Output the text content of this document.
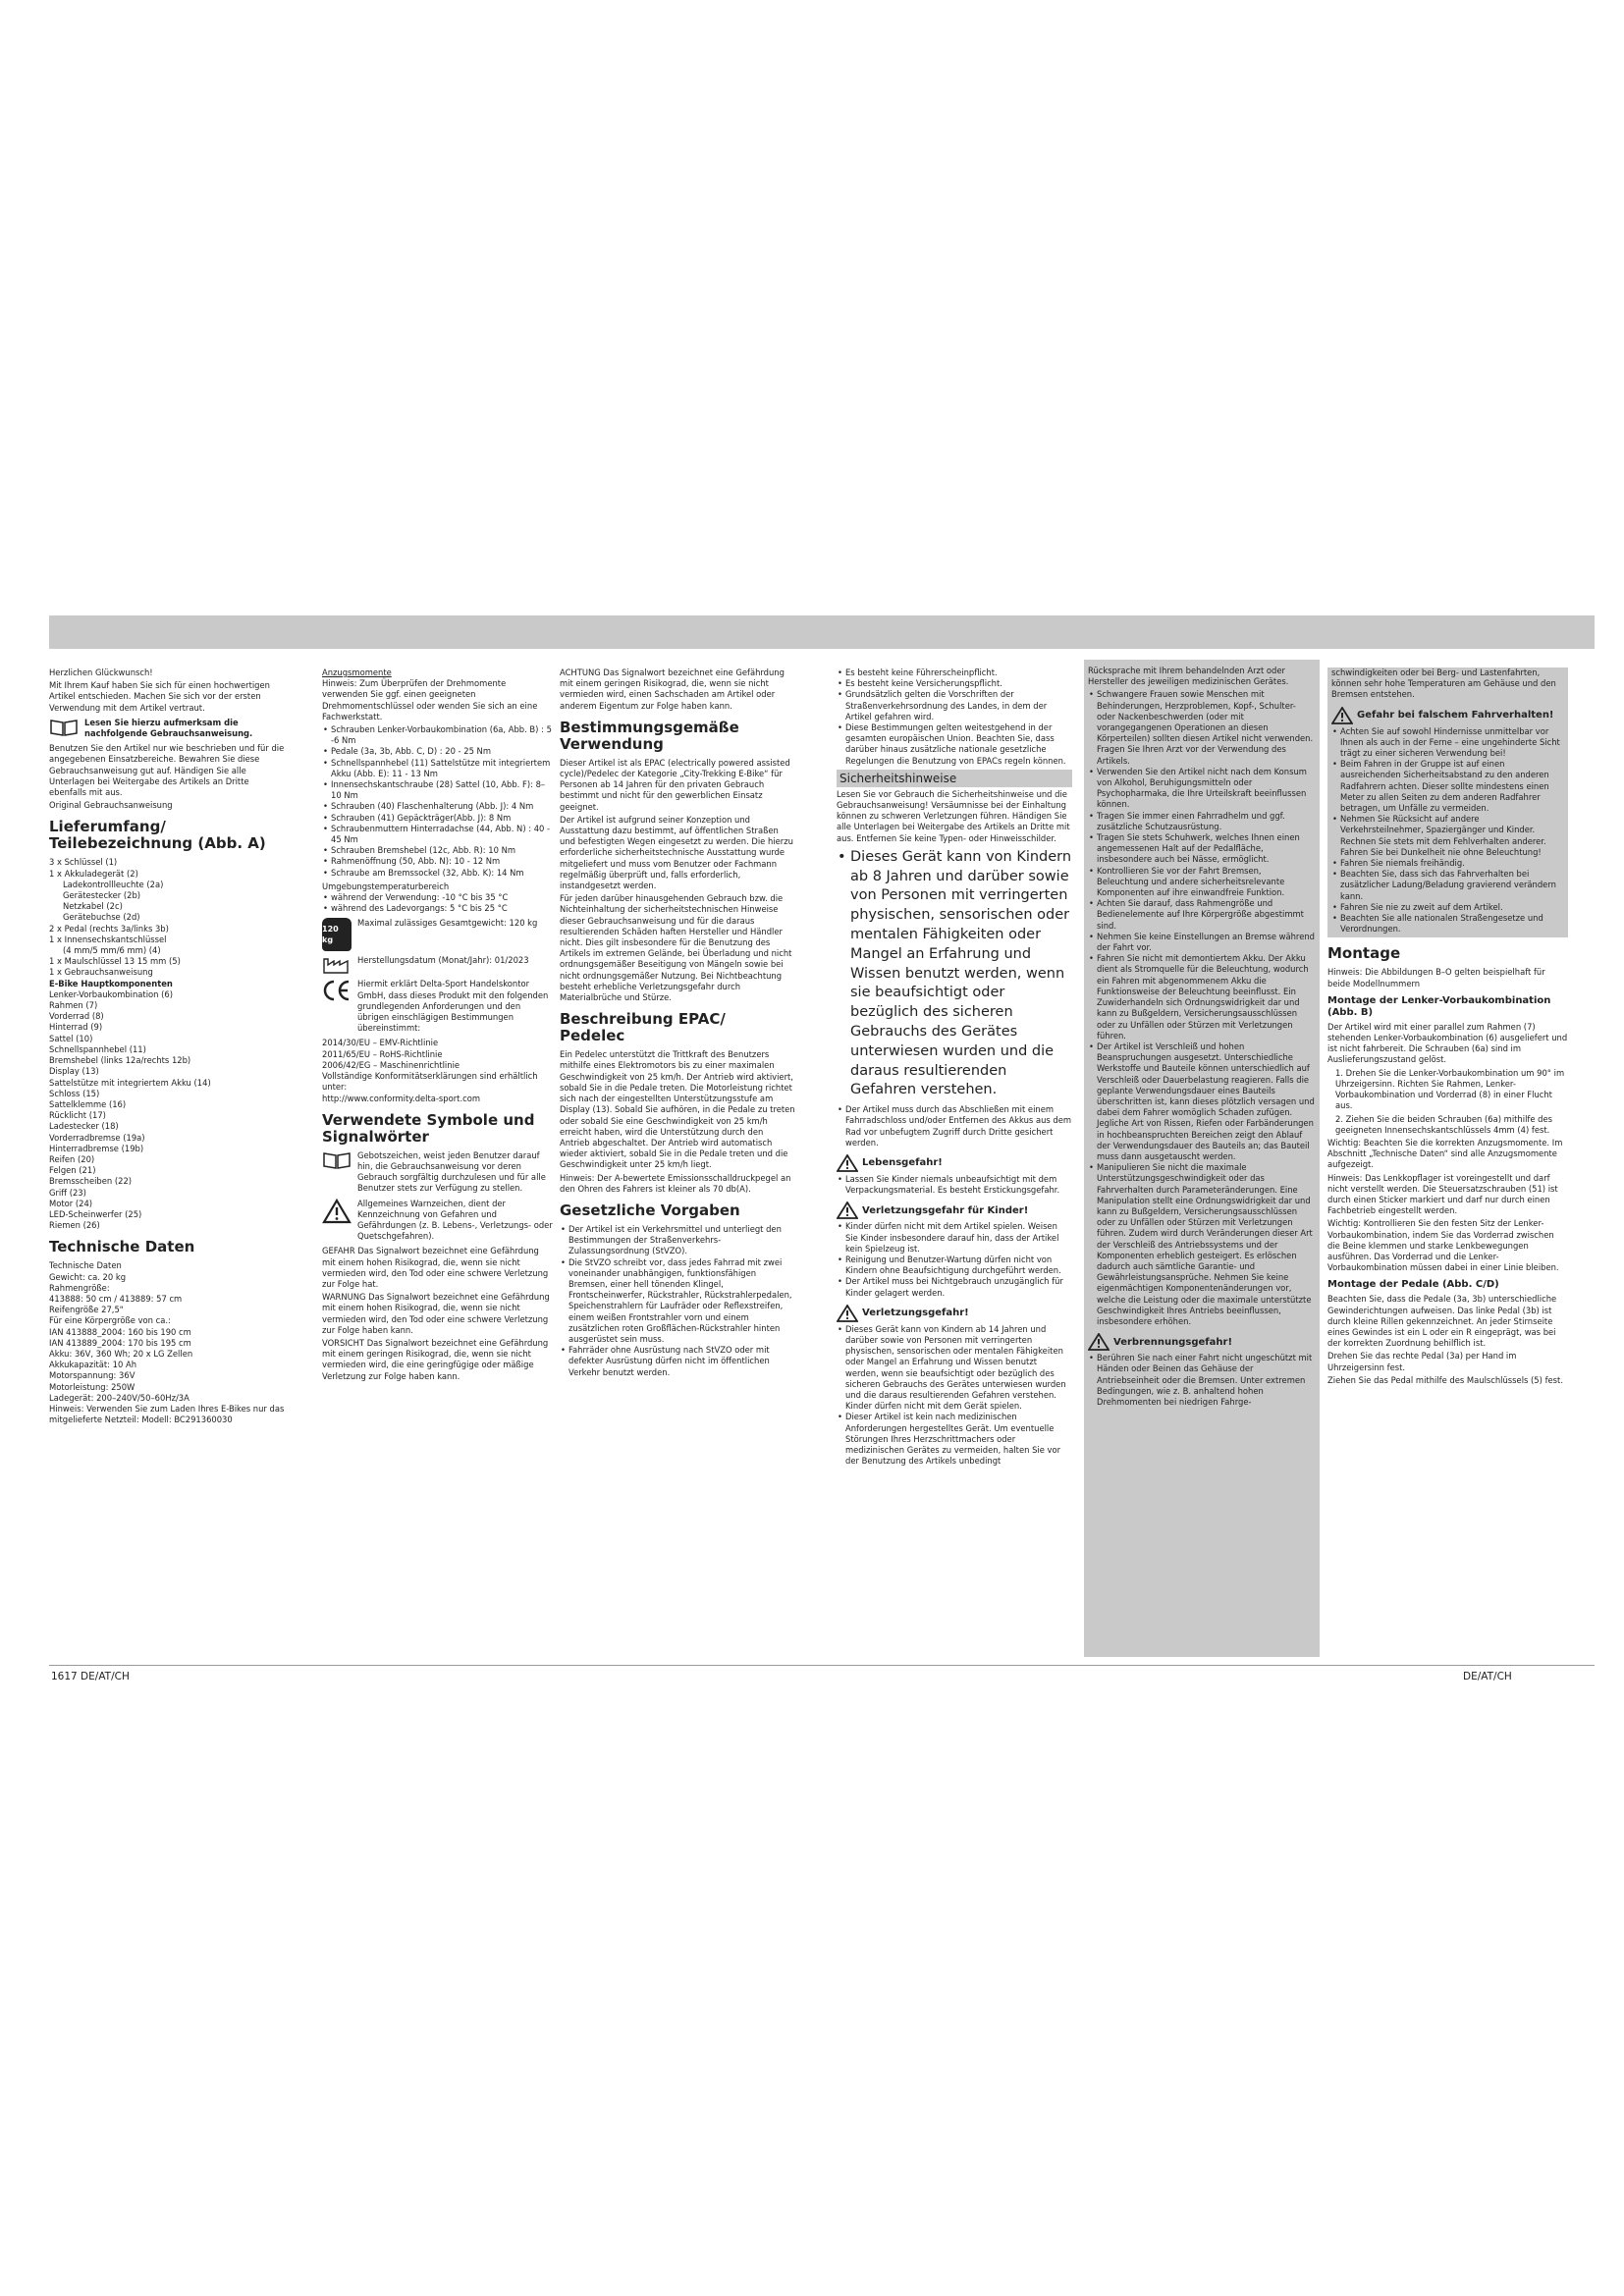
Herzlichen Glückwunsch!

Mit Ihrem Kauf haben Sie sich für einen hochwertigen Artikel entschieden. Machen Sie sich vor der ersten Verwendung mit dem Artikel vertraut.

Lesen Sie hierzu aufmerksam die nachfolgende Gebrauchsanweisung.

Benutzen Sie den Artikel nur wie beschrieben und für die angegebenen Einsatzbereiche. Bewahren Sie diese Gebrauchsanweisung gut auf. Händigen Sie alle Unterlagen bei Weitergabe des Artikels an Dritte ebenfalls mit aus.

Original Gebrauchsanweisung

Lieferumfang/ Teilebezeichnung (Abb. A)

3 x Schlüssel (1)

1 x Akkuladegerät (2)

Ladekontrollleuchte (2a)

Gerätestecker (2b)

Netzkabel (2c)

Gerätebuchse (2d)

2 x Pedal (rechts 3a/links 3b)

1 x Innensechskantschlüssel

(4 mm/5 mm/6 mm) (4)

1 x Maulschlüssel 13 15 mm (5)

1 x Gebrauchsanweisung

E-Bike Hauptkomponenten

Lenker-Vorbaukombination (6)

Rahmen (7)

Vorderrad (8)

Hinterrad (9)

Sattel (10)

Schnellspannhebel (11)

Bremshebel (links 12a/rechts 12b)

Display (13)

Sattelstütze mit integriertem Akku (14)

Schloss (15)

Sattelklemme (16)

Rücklicht (17)

Ladestecker (18)

Vorderradbremse (19a)

Hinterradbremse (19b)

Reifen (20)

Felgen (21)

Bremsscheiben (22)

Griff (23)

Motor (24)

LED-Scheinwerfer (25)

Riemen (26)

Technische Daten

Technische Daten

Gewicht: ca. 20 kg

Rahmengröße:

413888: 50 cm / 413889: 57 cm

Reifengröße 27,5"

Für eine Körpergröße von ca.:

IAN 413888_2004: 160 bis 190 cm

IAN 413889_2004: 170 bis 195 cm

Akku: 36V, 360 Wh; 20 x LG Zellen

Akkukapazität: 10 Ah

Motorspannung: 36V

Motorleistung: 250W

Ladegerät: 200–240V/50–60Hz/3A

Hinweis: Verwenden Sie zum Laden Ihres E-Bikes nur das mitgelieferte Netzteil: Modell: BC291360030

Anzugsmomente

Hinweis: Zum Überprüfen der Drehmomente verwenden Sie ggf. einen geeigneten Drehmomentschlüssel oder wenden Sie sich an eine Fachwerkstatt.

• Schrauben Lenker-Vorbaukombination (6a, Abb. B) : 5 -6 Nm
• Pedale (3a, 3b, Abb. C, D) : 20 - 25 Nm
• Schnellspannhebel (11) Sattelstütze mit integriertem Akku (Abb. E): 11 - 13 Nm
• Innensechskantschraube (28) Sattel (10, Abb. F): 8–10 Nm
• Schrauben (40) Flaschenhalterung (Abb. J): 4 Nm
• Schrauben (41) Gepäckträger(Abb. J): 8 Nm
• Schraubenmuttern Hinterradachse (44, Abb. N) : 40 - 45 Nm
• Schrauben Bremshebel (12c, Abb. R): 10 Nm
• Rahmenöffnung (50, Abb. N): 10 - 12 Nm
• Schraube am Bremssockel (32, Abb. K): 14 Nm

Umgebungstemperaturbereich

• während der Verwendung: -10 °C bis 35 °C
• während des Ladevorgangs: 5 °C bis 25 °C
120 kg
Maximal zulässiges Gesamtgewicht: 120 kg
Herstellungsdatum (Monat/Jahr): 01/2023
Hiermit erklärt Delta-Sport Handelskontor GmbH, dass dieses Produkt mit den folgenden grundlegenden Anforderungen und den übrigen einschlägigen Bestimmungen übereinstimmt:

2014/30/EU – EMV-Richtlinie

2011/65/EU – RoHS-Richtlinie

2006/42/EG – Maschinenrichtlinie

Vollständige Konformitätserklärungen sind erhältlich unter:

http://www.conformity.delta-sport.com

Verwendete Symbole und Signalwörter
Gebotszeichen, weist jeden Benutzer darauf hin, die Gebrauchsanweisung vor deren Gebrauch sorgfältig durchzulesen und für alle Benutzer stets zur Verfügung zu stellen.
Allgemeines Warnzeichen, dient der Kennzeichnung von Gefahren und Gefährdungen (z. B. Lebens-, Verletzungs- oder Quetschgefahren).

GEFAHR Das Signalwort bezeichnet eine Gefährdung mit einem hohen Risikograd, die, wenn sie nicht vermieden wird, den Tod oder eine schwere Verletzung zur Folge hat.

WARNUNG Das Signalwort bezeichnet eine Gefährdung mit einem hohen Risikograd, die, wenn sie nicht vermieden wird, den Tod oder eine schwere Verletzung zur Folge haben kann.

VORSICHT Das Signalwort bezeichnet eine Gefährdung mit einem geringen Risikograd, die, wenn sie nicht vermieden wird, die eine geringfügige oder mäßige Verletzung zur Folge haben kann.

ACHTUNG Das Signalwort bezeichnet eine Gefährdung mit einem geringen Risikograd, die, wenn sie nicht vermieden wird, einen Sachschaden am Artikel oder anderem Eigentum zur Folge haben kann.

Bestimmungsgemäße Verwendung

Dieser Artikel ist als EPAC (electrically powered assisted cycle)/Pedelec der Kategorie „City-Trekking E-Bike“ für Personen ab 14 Jahren für den privaten Gebrauch bestimmt und nicht für den gewerblichen Einsatz geeignet.

Der Artikel ist aufgrund seiner Konzeption und Ausstattung dazu bestimmt, auf öffentlichen Straßen und befestigten Wegen eingesetzt zu werden. Die hierzu erforderliche sicherheitstechnische Ausstattung wurde mitgeliefert und muss vom Benutzer oder Fachmann regelmäßig überprüft und, falls erforderlich, instandgesetzt werden.

Für jeden darüber hinausgehenden Gebrauch bzw. die Nichteinhaltung der sicherheitstechnischen Hinweise dieser Gebrauchsanweisung und für die daraus resultierenden Schäden haften Hersteller und Händler nicht. Dies gilt insbesondere für die Benutzung des Artikels im extremen Gelände, bei Überladung und nicht ordnungsgemäßer Beseitigung von Mängeln sowie bei nicht ordnungsgemäßer Nutzung. Bei Nichtbeachtung besteht erhebliche Verletzungsgefahr durch Materialbrüche und Stürze.

Beschreibung EPAC/ Pedelec

Ein Pedelec unterstützt die Trittkraft des Benutzers mithilfe eines Elektromotors bis zu einer maximalen Geschwindigkeit von 25 km/h. Der Antrieb wird aktiviert, sobald Sie in die Pedale treten. Die Motorleistung richtet sich nach der eingestellten Unterstützungsstufe am Display (13). Sobald Sie aufhören, in die Pedale zu treten oder sobald Sie eine Geschwindigkeit von 25 km/h erreicht haben, wird die Unterstützung durch den Antrieb abgeschaltet. Der Antrieb wird automatisch wieder aktiviert, sobald Sie in die Pedale treten und die Geschwindigkeit unter 25 km/h liegt.

Hinweis: Der A-bewertete Emissionsschalldruckpegel an den Ohren des Fahrers ist kleiner als 70 db(A).

Gesetzliche Vorgaben
• Der Artikel ist ein Verkehrsmittel und unterliegt den Bestimmungen der Straßenverkehrs-Zulassungsordnung (StVZO).
• Die StVZO schreibt vor, dass jedes Fahrrad mit zwei voneinander unabhängigen, funktionsfähigen Bremsen, einer hell tönenden Klingel, Frontscheinwerfer, Rückstrahler, Rückstrahlerpedalen, Speichenstrahlern für Laufräder oder Reflexstreifen, einem weißen Frontstrahler vorn und einem zusätzlichen roten Großflächen-Rückstrahler hinten ausgerüstet sein muss.
• Fahrräder ohne Ausrüstung nach StVZO oder mit defekter Ausrüstung dürfen nicht im öffentlichen Verkehr benutzt werden.
• Es besteht keine Führerscheinpflicht.
• Es besteht keine Versicherungspflicht.
• Grundsätzlich gelten die Vorschriften der Straßenverkehrsordnung des Landes, in dem der Artikel gefahren wird.
• Diese Bestimmungen gelten weitestgehend in der gesamten europäischen Union. Beachten Sie, dass darüber hinaus zusätzliche nationale gesetzliche Regelungen die Benutzung von EPACs regeln können.
Sicherheitshinweise

Lesen Sie vor Gebrauch die Sicherheitshinweise und die Gebrauchsanweisung! Versäumnisse bei der Einhaltung können zu schweren Verletzungen führen. Händigen Sie alle Unterlagen bei Weitergabe des Artikels an Dritte mit aus. Entfernen Sie keine Typen- oder Hinweisschilder.

• Dieses Gerät kann von Kindern ab 8 Jahren und darüber sowie von Personen mit verringerten physischen, sensorischen oder mentalen Fähigkeiten oder Mangel an Erfahrung und Wissen benutzt werden, wenn sie beaufsichtigt oder bezüglich des sicheren Gebrauchs des Gerätes unterwiesen wurden und die daraus resultierenden Gefahren verstehen.
• Der Artikel muss durch das Abschließen mit einem Fahrradschloss und/oder Entfernen des Akkus aus dem Rad vor unbefugtem Zugriff durch Dritte gesichert werden.
Lebensgefahr!
• Lassen Sie Kinder niemals unbeaufsichtigt mit dem Verpackungsmaterial. Es besteht Erstickungsgefahr.
Verletzungsgefahr für Kinder!
• Kinder dürfen nicht mit dem Artikel spielen. Weisen Sie Kinder insbesondere darauf hin, dass der Artikel kein Spielzeug ist.
• Reinigung und Benutzer-Wartung dürfen nicht von Kindern ohne Beaufsichtigung durchgeführt werden.
• Der Artikel muss bei Nichtgebrauch unzugänglich für Kinder gelagert werden.
Verletzungsgefahr!
• Dieses Gerät kann von Kindern ab 14 Jahren und darüber sowie von Personen mit verringerten physischen, sensorischen oder mentalen Fähigkeiten oder Mangel an Erfahrung und Wissen benutzt werden, wenn sie beaufsichtigt oder bezüglich des sicheren Gebrauchs des Gerätes unterwiesen wurden und die daraus resultierenden Gefahren verstehen. Kinder dürfen nicht mit dem Gerät spielen.
• Dieser Artikel ist kein nach medizinischen Anforderungen hergestelltes Gerät. Um eventuelle Störungen Ihres Herzschrittmachers oder medizinischen Gerätes zu vermeiden, halten Sie vor der Benutzung des Artikels unbedingt

Rücksprache mit Ihrem behandelnden Arzt oder Hersteller des jeweiligen medizinischen Gerätes.

• Schwangere Frauen sowie Menschen mit Behinderungen, Herzproblemen, Kopf-, Schulter- oder Nackenbeschwerden (oder mit vorangegangenen Operationen an diesen Körperteilen) sollten diesen Artikel nicht verwenden. Fragen Sie Ihren Arzt vor der Verwendung des Artikels.
• Verwenden Sie den Artikel nicht nach dem Konsum von Alkohol, Beruhigungsmitteln oder Psychopharmaka, die Ihre Urteilskraft beeinflussen können.
• Tragen Sie immer einen Fahrradhelm und ggf. zusätzliche Schutzausrüstung.
• Tragen Sie stets Schuhwerk, welches Ihnen einen angemessenen Halt auf der Pedalfläche, insbesondere auch bei Nässe, ermöglicht.
• Kontrollieren Sie vor der Fahrt Bremsen, Beleuchtung und andere sicherheitsrelevante Komponenten auf ihre einwandfreie Funktion.
• Achten Sie darauf, dass Rahmengröße und Bedienelemente auf Ihre Körpergröße abgestimmt sind.
• Nehmen Sie keine Einstellungen an Bremse während der Fahrt vor.
• Fahren Sie nicht mit demontiertem Akku. Der Akku dient als Stromquelle für die Beleuchtung, wodurch ein Fahren mit abgenommenem Akku die Funktionsweise der Beleuchtung beeinflusst. Ein Zuwiderhandeln sich Ordnungswidrigkeit dar und kann zu Bußgeldern, Versicherungsausschlüssen oder zu Unfällen oder Stürzen mit Verletzungen führen.
• Der Artikel ist Verschleiß und hohen Beanspruchungen ausgesetzt. Unterschiedliche Werkstoffe und Bauteile können unterschiedlich auf Verschleiß oder Dauerbelastung reagieren. Falls die geplante Verwendungsdauer eines Bauteils überschritten ist, kann dieses plötzlich versagen und dabei dem Fahrer womöglich Schaden zufügen. Jegliche Art von Rissen, Riefen oder Farbänderungen in hochbeanspruchten Bereichen zeigt den Ablauf der Verwendungsdauer des Bauteils an; das Bauteil muss dann ausgetauscht werden.
• Manipulieren Sie nicht die maximale Unterstützungsgeschwindigkeit oder das Fahrverhalten durch Parameteränderungen. Eine Manipulation stellt eine Ordnungswidrigkeit dar und kann zu Bußgeldern, Versicherungsausschlüssen oder zu Unfällen oder Stürzen mit Verletzungen führen. Zudem wird durch Veränderungen dieser Art der Verschleiß des Antriebssystems und der Komponenten erheblich gesteigert. Es erlöschen dadurch auch sämtliche Garantie- und Gewährleistungsansprüche. Nehmen Sie keine eigenmächtigen Komponentenänderungen vor, welche die Leistung oder die maximale unterstützte Geschwindigkeit Ihres Antriebs beeinflussen, insbesondere erhöhen.
Verbrennungsgefahr!
• Berühren Sie nach einer Fahrt nicht ungeschützt mit Händen oder Beinen das Gehäuse der Antriebseinheit oder die Bremsen. Unter extremen Bedingungen, wie z. B. anhaltend hohen Drehmomenten bei niedrigen Fahrge-

schwindigkeiten oder bei Berg- und Lastenfahrten, können sehr hohe Temperaturen am Gehäuse und den Bremsen entstehen.

Gefahr bei falschem Fahrverhalten!
• Achten Sie auf sowohl Hindernisse unmittelbar vor Ihnen als auch in der Ferne – eine ungehinderte Sicht trägt zu einer sicheren Verwendung bei!
• Beim Fahren in der Gruppe ist auf einen ausreichenden Sicherheitsabstand zu den anderen Radfahrern achten. Dieser sollte mindestens einen Meter zu allen Seiten zu dem anderen Radfahrer betragen, um Unfälle zu vermeiden.
• Nehmen Sie Rücksicht auf andere Verkehrsteilnehmer, Spaziergänger und Kinder. Rechnen Sie stets mit dem Fehlverhalten anderer. Fahren Sie bei Dunkelheit nie ohne Beleuchtung!
• Fahren Sie niemals freihändig.
• Beachten Sie, dass sich das Fahrverhalten bei zusätzlicher Ladung/Beladung gravierend verändern kann.
• Fahren Sie nie zu zweit auf dem Artikel.
• Beachten Sie alle nationalen Straßengesetze und Verordnungen.
Montage

Hinweis: Die Abbildungen B–O gelten beispielhaft für beide Modellnummern

Montage der Lenker-Vorbaukombination (Abb. B)

Der Artikel wird mit einer parallel zum Rahmen (7) stehenden Lenker-Vorbaukombination (6) ausgeliefert und ist nicht fahrbereit. Die Schrauben (6a) sind im Auslieferungszustand gelöst.

1. Drehen Sie die Lenker-Vorbaukombination um 90° im Uhrzeigersinn. Richten Sie Rahmen, Lenker-Vorbaukombination und Vorderrad (8) in einer Flucht aus.

2. Ziehen Sie die beiden Schrauben (6a) mithilfe des geeigneten Innensechskantschlüssels 4mm (4) fest.

Wichtig: Beachten Sie die korrekten Anzugsmomente. Im Abschnitt „Technische Daten“ sind alle Anzugsmomente aufgezeigt.

Hinweis: Das Lenkkopflager ist voreingestellt und darf nicht verstellt werden. Die Steuersatzschrauben (51) ist durch einen Sticker markiert und darf nur durch einen Fachbetrieb eingestellt werden.

Wichtig: Kontrollieren Sie den festen Sitz der Lenker-Vorbaukombination, indem Sie das Vorderrad zwischen die Beine klemmen und starke Lenkbewegungen ausführen. Das Vorderrad und die Lenker-Vorbaukombination müssen dabei in einer Linie bleiben.

Montage der Pedale (Abb. C/D)

Beachten Sie, dass die Pedale (3a, 3b) unterschiedliche Gewinderichtungen aufweisen. Das linke Pedal (3b) ist durch kleine Rillen gekennzeichnet. An jeder Stirnseite eines Gewindes ist ein L oder ein R eingeprägt, was bei der korrekten Zuordnung behilflich ist.

Drehen Sie das rechte Pedal (3a) per Hand im Uhrzeigersinn fest.

Ziehen Sie das Pedal mithilfe des Maulschlüssels (5) fest.

1617 DE/AT/CH	DE/AT/CH
